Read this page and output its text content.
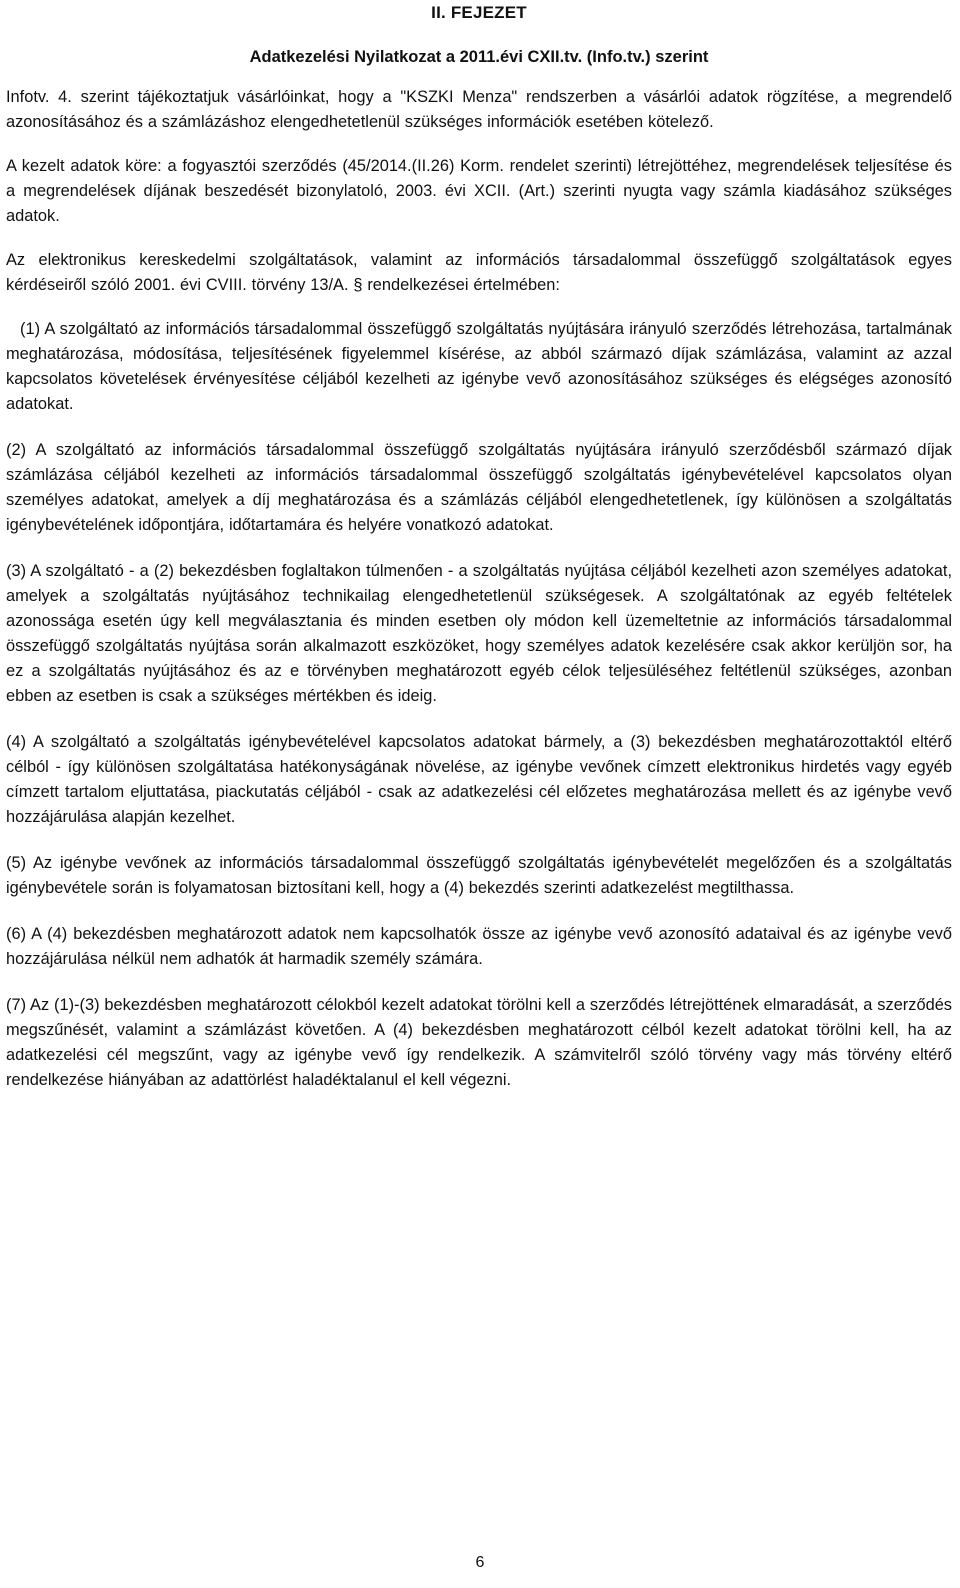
II. FEJEZET
Adatkezelési Nyilatkozat a 2011.évi CXII.tv. (Info.tv.) szerint

Infotv. 4. szerint tájékoztatjuk vásárlóinkat, hogy a "KSZKI Menza" rendszerben a vásárlói adatok rögzítése, a megrendelő azonosításához és a számlázáshoz elengedhetetlenül szükséges információk esetében kötelező.

A kezelt adatok köre: a fogyasztói szerződés (45/2014.(II.26) Korm. rendelet szerinti) létrejöttéhez, megrendelések teljesítése és a megrendelések díjának beszedését bizonylatoló, 2003. évi XCII. (Art.) szerinti nyugta vagy számla kiadásához szükséges adatok.

Az elektronikus kereskedelmi szolgáltatások, valamint az információs társadalommal összefüggő szolgáltatások egyes kérdéseiről szóló 2001. évi CVIII. törvény 13/A. § rendelkezései értelmében:

(1) A szolgáltató az információs társadalommal összefüggő szolgáltatás nyújtására irányuló szerződés létrehozása, tartalmának meghatározása, módosítása, teljesítésének figyelemmel kísérése, az abból származó díjak számlázása, valamint az azzal kapcsolatos követelések érvényesítése céljából kezelheti az igénybe vevő azonosításához szükséges és elégséges azonosító adatokat.

(2) A szolgáltató az információs társadalommal összefüggő szolgáltatás nyújtására irányuló szerződésből származó díjak számlázása céljából kezelheti az információs társadalommal összefüggő szolgáltatás igénybevételével kapcsolatos olyan személyes adatokat, amelyek a díj meghatározása és a számlázás céljából elengedhetetlenek, így különösen a szolgáltatás igénybevételének időpontjára, időtartamára és helyére vonatkozó adatokat.

(3) A szolgáltató - a (2) bekezdésben foglaltakon túlmenően - a szolgáltatás nyújtása céljából kezelheti azon személyes adatokat, amelyek a szolgáltatás nyújtásához technikailag elengedhetetlenül szükségesek. A szolgáltatónak az egyéb feltételek azonossága esetén úgy kell megválasztania és minden esetben oly módon kell üzemeltetnie az információs társadalommal összefüggő szolgáltatás nyújtása során alkalmazott eszközöket, hogy személyes adatok kezelésére csak akkor kerüljön sor, ha ez a szolgáltatás nyújtásához és az e törvényben meghatározott egyéb célok teljesüléséhez feltétlenül szükséges, azonban ebben az esetben is csak a szükséges mértékben és ideig.

(4) A szolgáltató a szolgáltatás igénybevételével kapcsolatos adatokat bármely, a (3) bekezdésben meghatározottaktól eltérő célból - így különösen szolgáltatása hatékonyságának növelése, az igénybe vevőnek címzett elektronikus hirdetés vagy egyéb címzett tartalom eljuttatása, piackutatás céljából - csak az adatkezelési cél előzetes meghatározása mellett és az igénybe vevő hozzájárulása alapján kezelhet.

(5) Az igénybe vevőnek az információs társadalommal összefüggő szolgáltatás igénybevételét megelőzően és a szolgáltatás igénybevétele során is folyamatosan biztosítani kell, hogy a (4) bekezdés szerinti adatkezelést megtilthassa.

(6) A (4) bekezdésben meghatározott adatok nem kapcsolhatók össze az igénybe vevő azonosító adataival és az igénybe vevő hozzájárulása nélkül nem adhatók át harmadik személy számára.

(7) Az (1)-(3) bekezdésben meghatározott célokból kezelt adatokat törölni kell a szerződés létrejöttének elmaradását, a szerződés megszűnését, valamint a számlázást követően. A (4) bekezdésben meghatározott célból kezelt adatokat törölni kell, ha az adatkezelési cél megszűnt, vagy az igénybe vevő így rendelkezik. A számvitelről szóló törvény vagy más törvény eltérő rendelkezése hiányában az adattörlést haladéktalanul el kell végezni.

6
